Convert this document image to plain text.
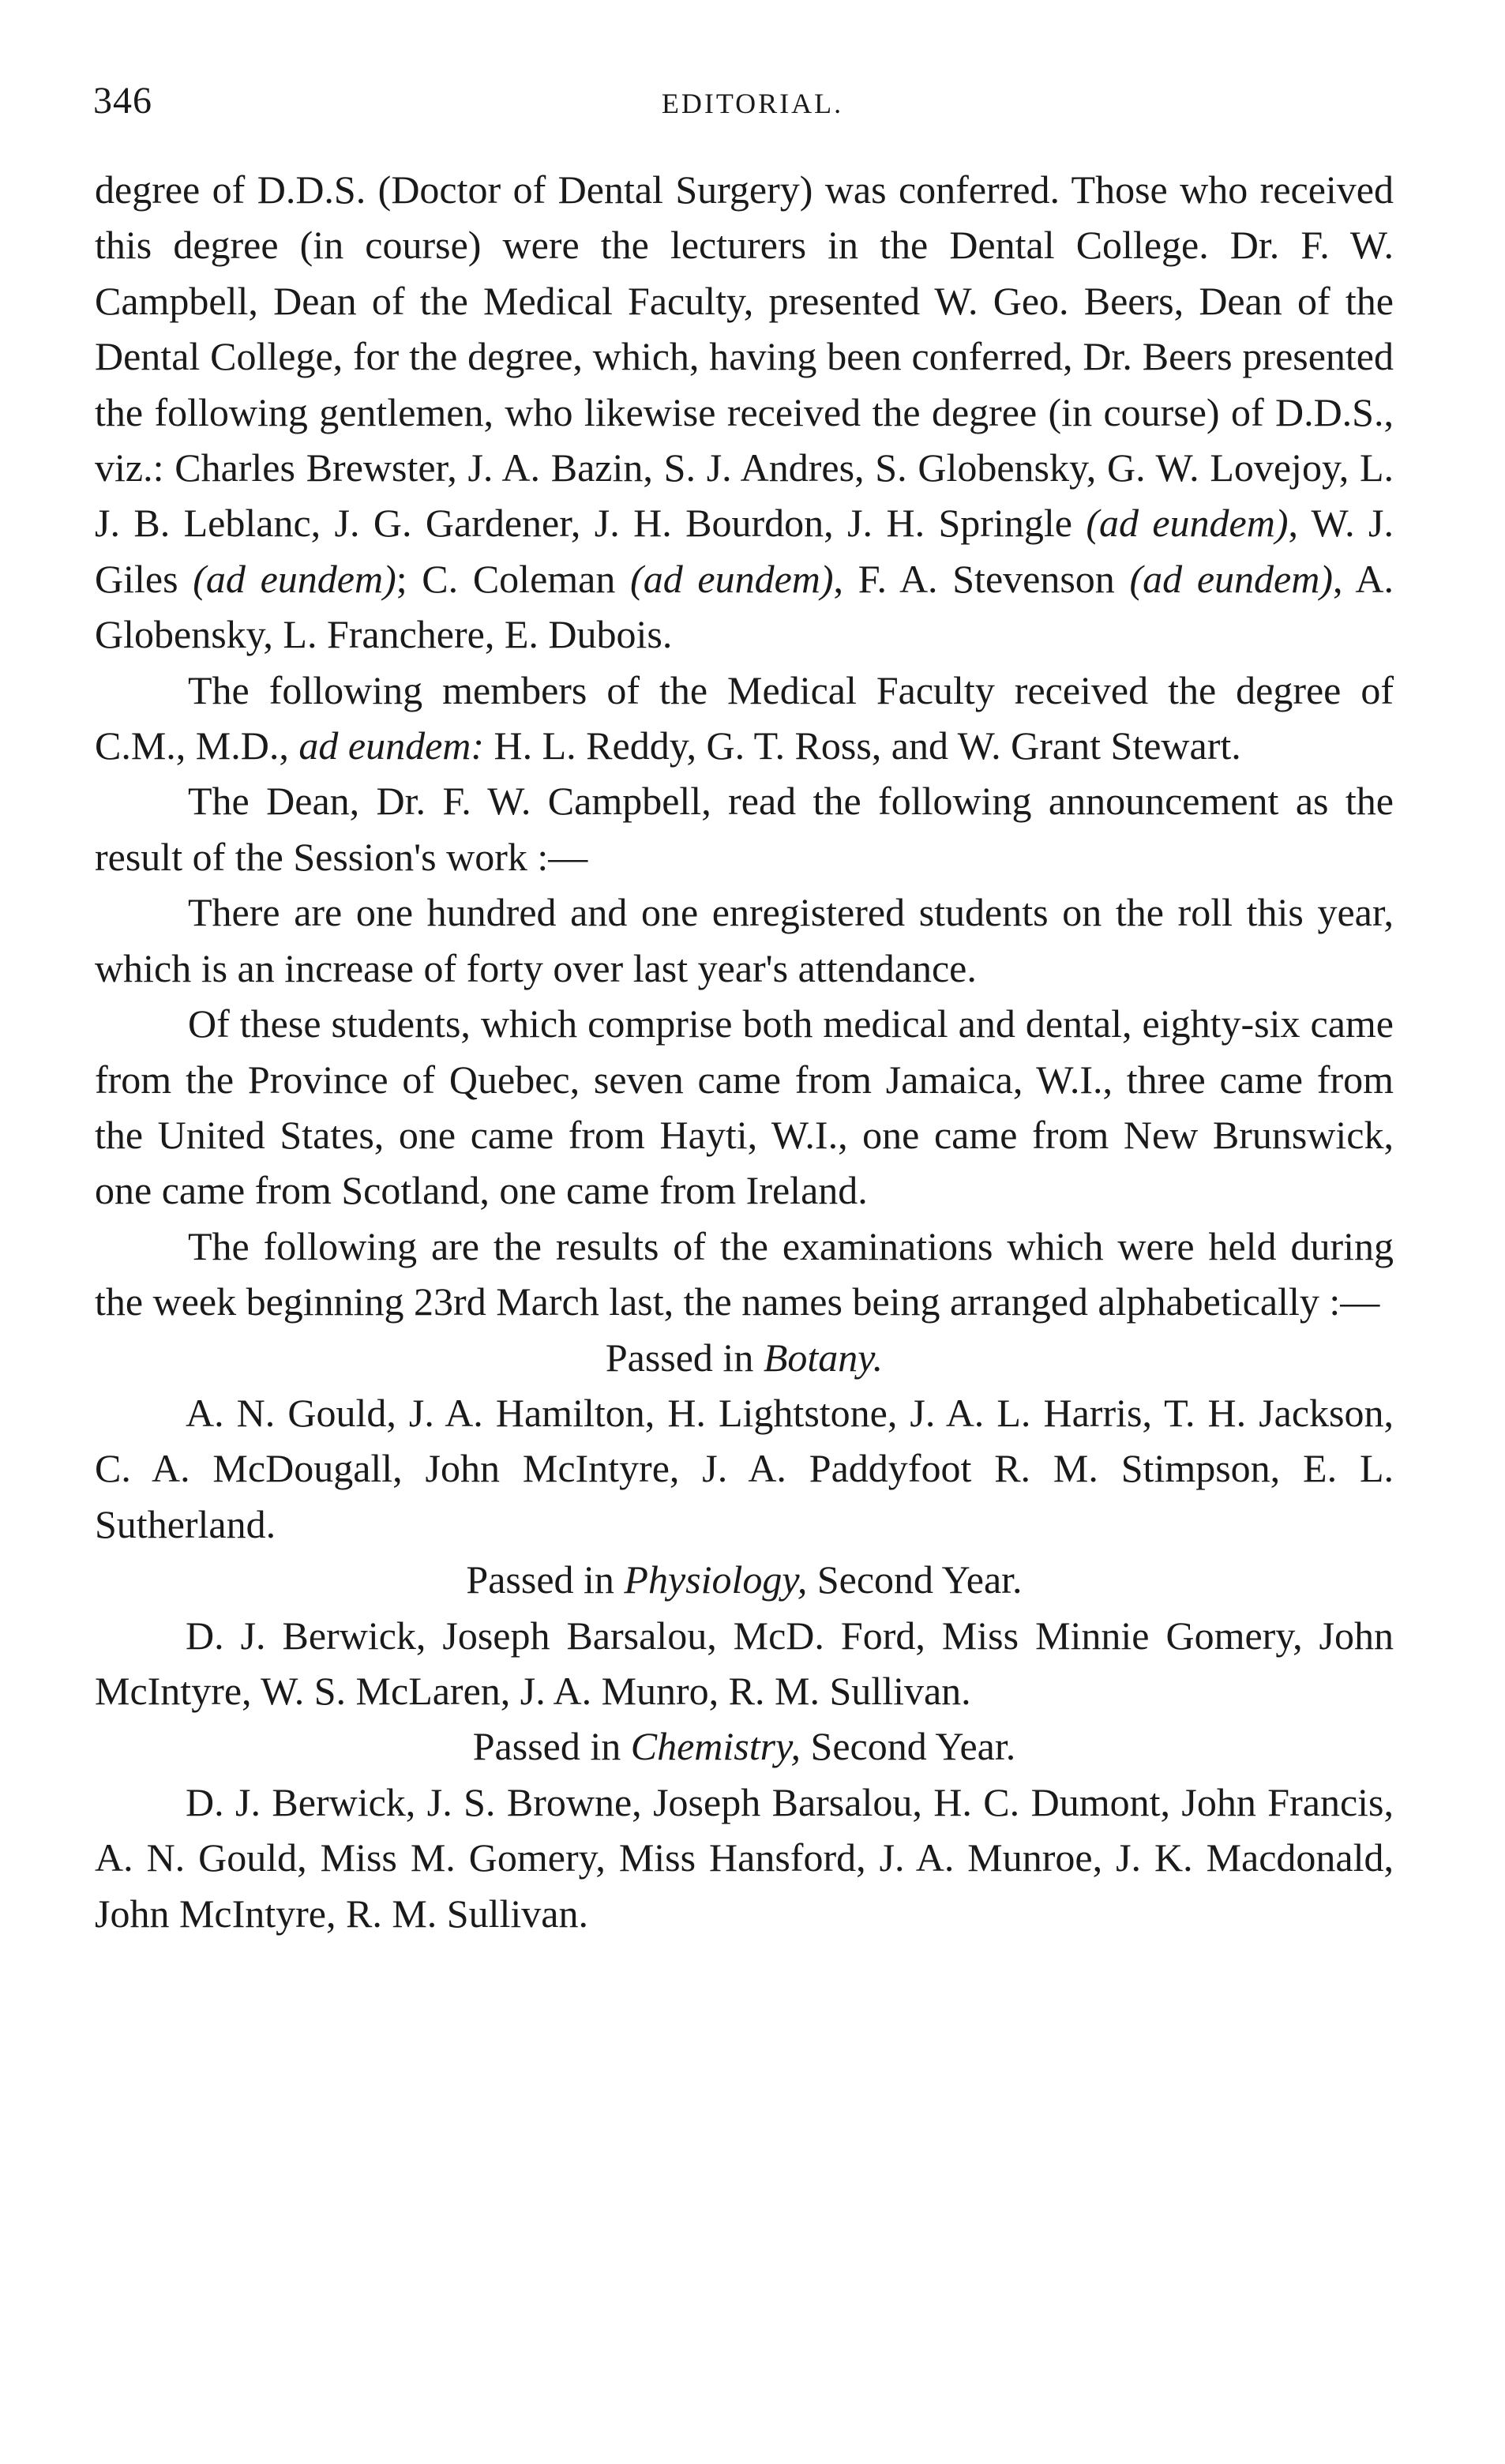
346	EDITORIAL.

degree of D.D.S. (Doctor of Dental Surgery) was conferred. Those who received this degree (in course) were the lecturers in the Dental College. Dr. F. W. Campbell, Dean of the Medical Faculty, presented W. Geo. Beers, Dean of the Dental College, for the degree, which, having been conferred, Dr. Beers presented the following gentlemen, who likewise received the degree (in course) of D.D.S., viz.: Charles Brewster, J. A. Bazin, S. J. Andres, S. Globensky, G. W. Lovejoy, L. J. B. Leblanc, J. G. Gardener, J. H. Bourdon, J. H. Springle (ad eundem), W. J. Giles (ad eundem); C. Coleman (ad eundem), F. A. Stevenson (ad eundem), A. Globensky, L. Franchere, E. Dubois.

The following members of the Medical Faculty received the degree of C.M., M.D., ad eundem: H. L. Reddy, G. T. Ross, and W. Grant Stewart.

The Dean, Dr. F. W. Campbell, read the following announcement as the result of the Session's work :—

There are one hundred and one enregistered students on the roll this year, which is an increase of forty over last year's attendance.

Of these students, which comprise both medical and dental, eighty-six came from the Province of Quebec, seven came from Jamaica, W.I., three came from the United States, one came from Hayti, W.I., one came from New Brunswick, one came from Scotland, one came from Ireland.

The following are the results of the examinations which were held during the week beginning 23rd March last, the names being arranged alphabetically :—

Passed in Botany.

A. N. Gould, J. A. Hamilton, H. Lightstone, J. A. L. Harris, T. H. Jackson, C. A. McDougall, John McIntyre, J. A. Paddyfoot R. M. Stimpson, E. L. Sutherland.

Passed in Physiology, Second Year.

D. J. Berwick, Joseph Barsalou, McD. Ford, Miss Minnie Gomery, John McIntyre, W. S. McLaren, J. A. Munro, R. M. Sullivan.

Passed in Chemistry, Second Year.

D. J. Berwick, J. S. Browne, Joseph Barsalou, H. C. Dumont, John Francis, A. N. Gould, Miss M. Gomery, Miss Hansford, J. A. Munroe, J. K. Macdonald, John McIntyre, R. M. Sullivan.
